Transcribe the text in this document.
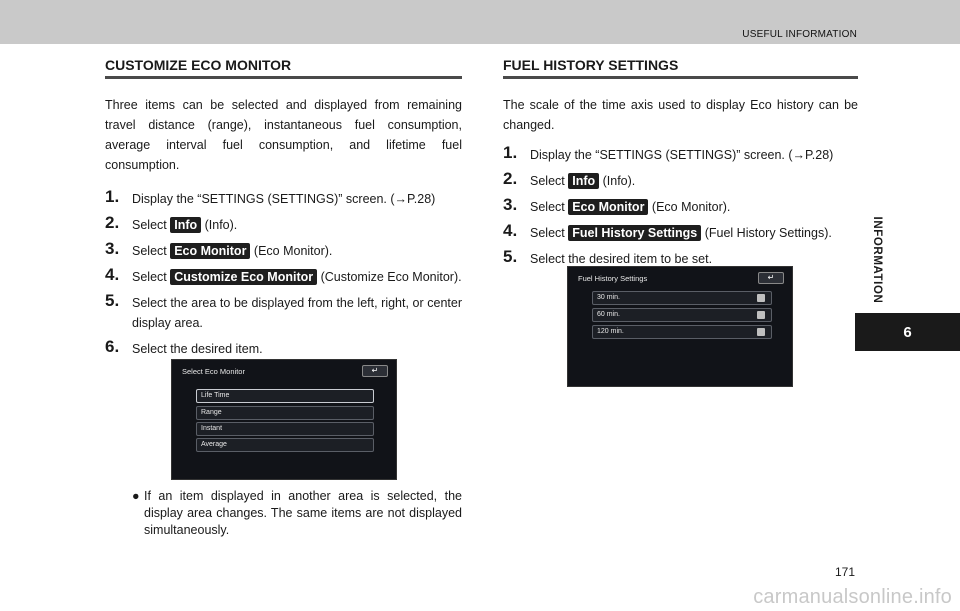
USEFUL INFORMATION
INFORMATION
6
CUSTOMIZE ECO MONITOR
Three items can be selected and displayed from remaining travel distance (range), instantaneous fuel consumption, average interval fuel consumption, and lifetime fuel consumption.
1. Display the “SETTINGS (SETTINGS)” screen. (→P.28)
2. Select Info (Info).
3. Select Eco Monitor (Eco Monitor).
4. Select Customize Eco Monitor (Customize Eco Monitor).
5. Select the area to be displayed from the left, right, or center display area.
6. Select the desired item.
Select Eco Monitor	↵
Life Time
Range
Instant
Average
● If an item displayed in another area is selected, the display area changes. The same items are not displayed simultaneously.
FUEL HISTORY SETTINGS
The scale of the time axis used to display Eco history can be changed.
1. Display the “SETTINGS (SETTINGS)” screen. (→P.28)
2. Select Info (Info).
3. Select Eco Monitor (Eco Monitor).
4. Select Fuel History Settings (Fuel History Settings).
5. Select the desired item to be set.
Fuel History Settings	↵
30 min.
60 min.
120 min.
171
carmanualsonline.info
